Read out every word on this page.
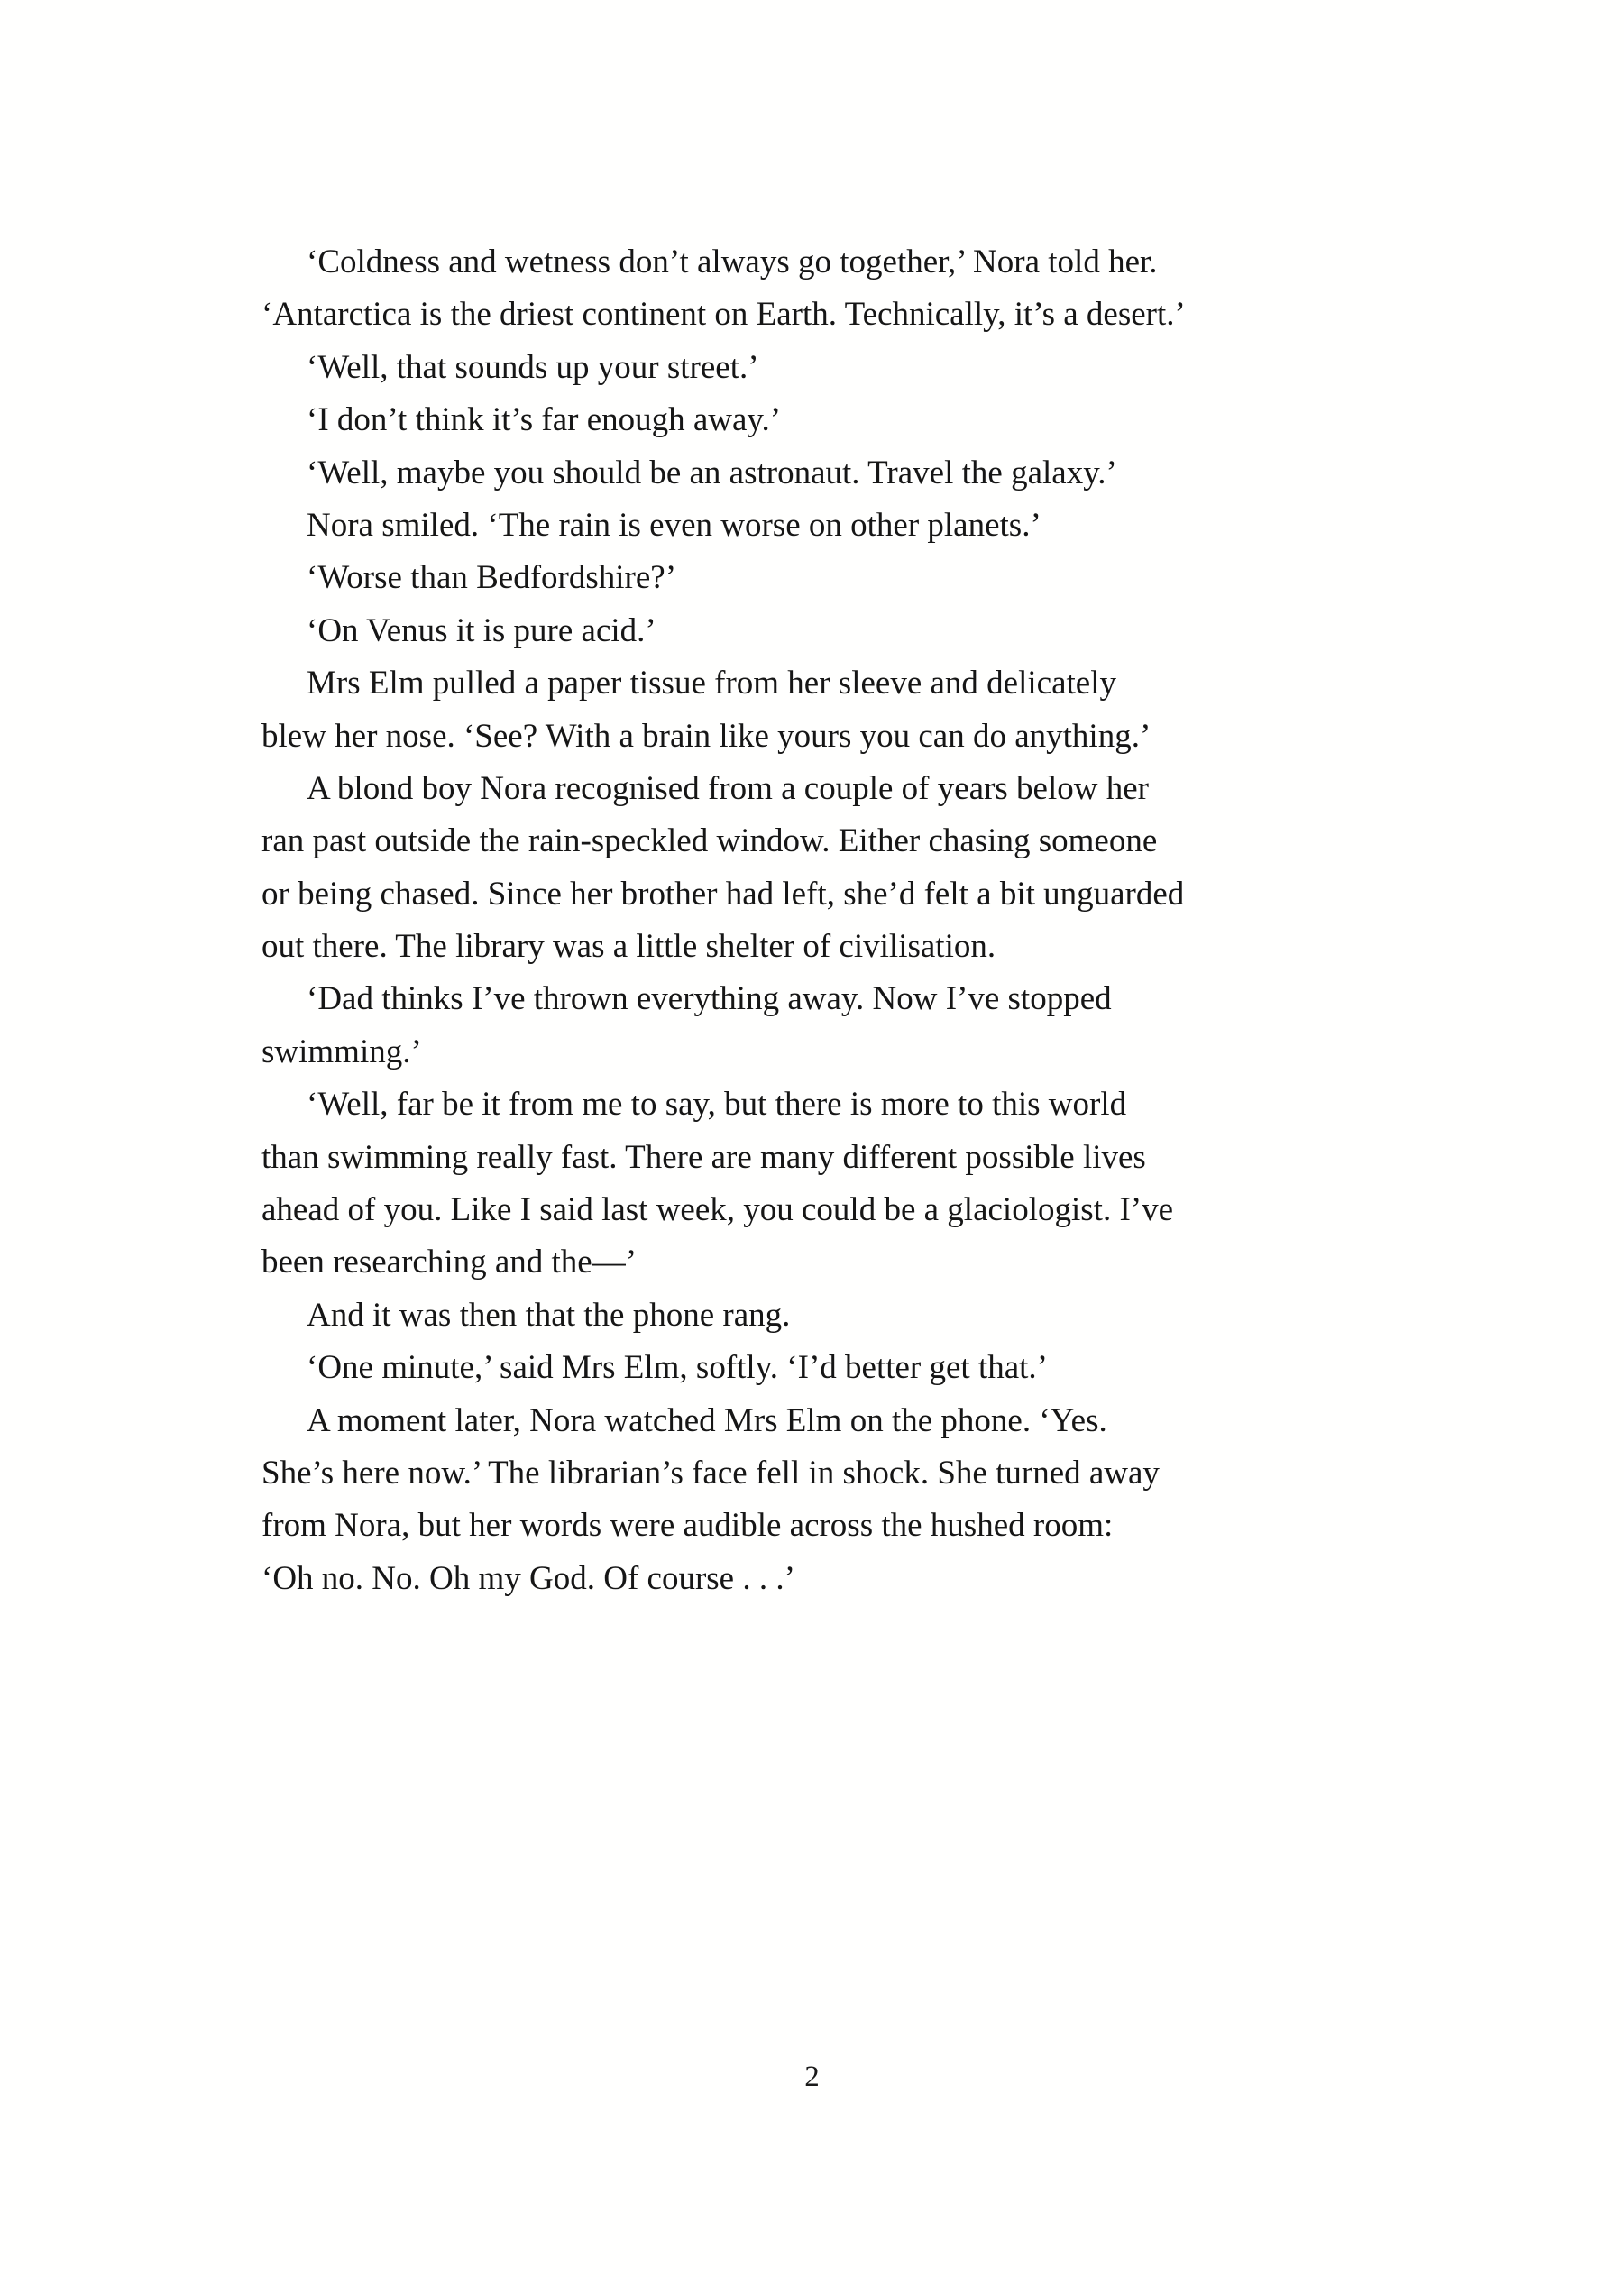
‘Coldness and wetness don’t always go together,’ Nora told her.
‘Antarctica is the driest continent on Earth. Technically, it’s a desert.’
‘Well, that sounds up your street.’
‘I don’t think it’s far enough away.’
‘Well, maybe you should be an astronaut. Travel the galaxy.’
Nora smiled. ‘The rain is even worse on other planets.’
‘Worse than Bedfordshire?’
‘On Venus it is pure acid.’
Mrs Elm pulled a paper tissue from her sleeve and delicately
blew her nose. ‘See? With a brain like yours you can do anything.’
A blond boy Nora recognised from a couple of years below her
ran past outside the rain-speckled window. Either chasing someone
or being chased. Since her brother had left, she’d felt a bit unguarded
out there. The library was a little shelter of civilisation.
‘Dad thinks I’ve thrown everything away. Now I’ve stopped
swimming.’
‘Well, far be it from me to say, but there is more to this world
than swimming really fast. There are many different possible lives
ahead of you. Like I said last week, you could be a glaciologist. I’ve
been researching and the—’
And it was then that the phone rang.
‘One minute,’ said Mrs Elm, softly. ‘I’d better get that.’
A moment later, Nora watched Mrs Elm on the phone. ‘Yes.
She’s here now.’ The librarian’s face fell in shock. She turned away
from Nora, but her words were audible across the hushed room:
‘Oh no. No. Oh my God. Of course . . .’
2
